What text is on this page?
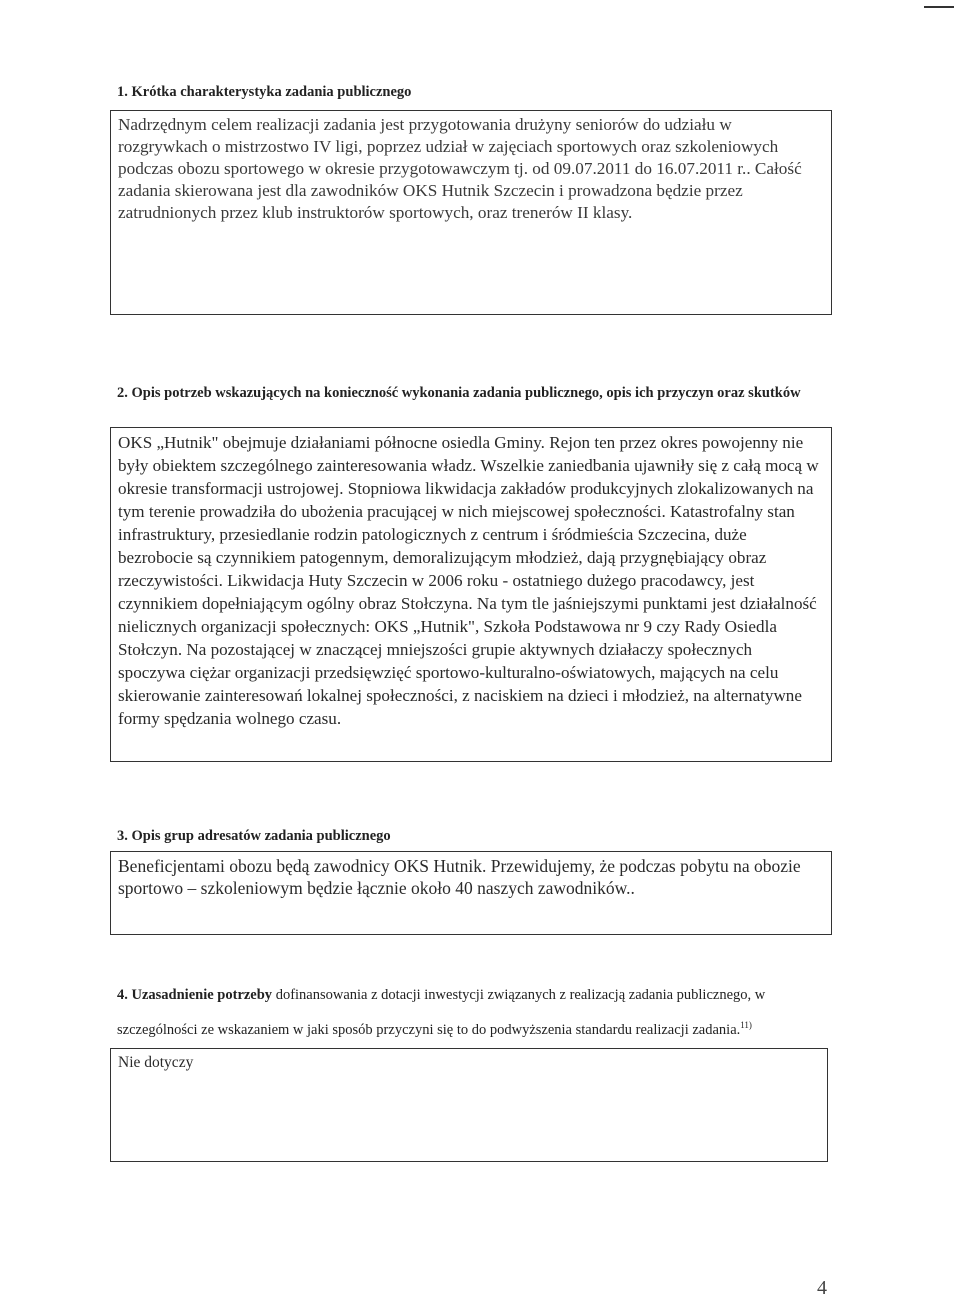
1. Krótka charakterystyka zadania publicznego

Nadrzędnym celem realizacji zadania jest przygotowania drużyny seniorów do udziału w rozgrywkach o mistrzostwo IV ligi, poprzez udział w zajęciach sportowych oraz szkoleniowych podczas obozu sportowego w okresie przygotowawczym tj. od 09.07.2011 do 16.07.2011 r.. Całość zadania skierowana jest dla zawodników OKS Hutnik Szczecin i prowadzona będzie przez zatrudnionych przez klub instruktorów sportowych, oraz trenerów II klasy.

2. Opis potrzeb wskazujących na konieczność wykonania zadania publicznego, opis ich przyczyn oraz skutków

OKS „Hutnik" obejmuje działaniami północne osiedla Gminy. Rejon ten przez okres powojenny nie były obiektem szczególnego zainteresowania władz. Wszelkie zaniedbania ujawniły się z całą mocą w okresie transformacji ustrojowej. Stopniowa likwidacja zakładów produkcyjnych zlokalizowanych na tym terenie prowadziła do ubożenia pracującej w nich miejscowej społeczności. Katastrofalny stan infrastruktury, przesiedlanie rodzin patologicznych z centrum i śródmieścia Szczecina, duże bezrobocie są czynnikiem patogennym, demoralizującym młodzież, dają przygnębiający obraz rzeczywistości. Likwidacja Huty Szczecin w 2006 roku - ostatniego dużego pracodawcy, jest czynnikiem dopełniającym ogólny obraz Stołczyna. Na tym tle jaśniejszymi punktami jest działalność nielicznych organizacji społecznych: OKS „Hutnik", Szkoła Podstawowa nr 9 czy Rady Osiedla Stołczyn. Na pozostającej w znaczącej mniejszości grupie aktywnych działaczy społecznych spoczywa ciężar organizacji przedsięwzięć sportowo-kulturalno-oświatowych, mających na celu skierowanie zainteresowań lokalnej społeczności, z naciskiem na dzieci i młodzież, na alternatywne formy spędzania wolnego czasu.

3. Opis grup adresatów zadania publicznego

Beneficjentami obozu będą zawodnicy OKS Hutnik. Przewidujemy, że podczas pobytu na obozie sportowo – szkoleniowym będzie łącznie około 40 naszych zawodników..

4. Uzasadnienie potrzeby dofinansowania z dotacji inwestycji związanych z realizacją zadania publicznego, w szczególności ze wskazaniem w jaki sposób przyczyni się to do podwyższenia standardu realizacji zadania.$^{11)}$

Nie dotyczy

4
